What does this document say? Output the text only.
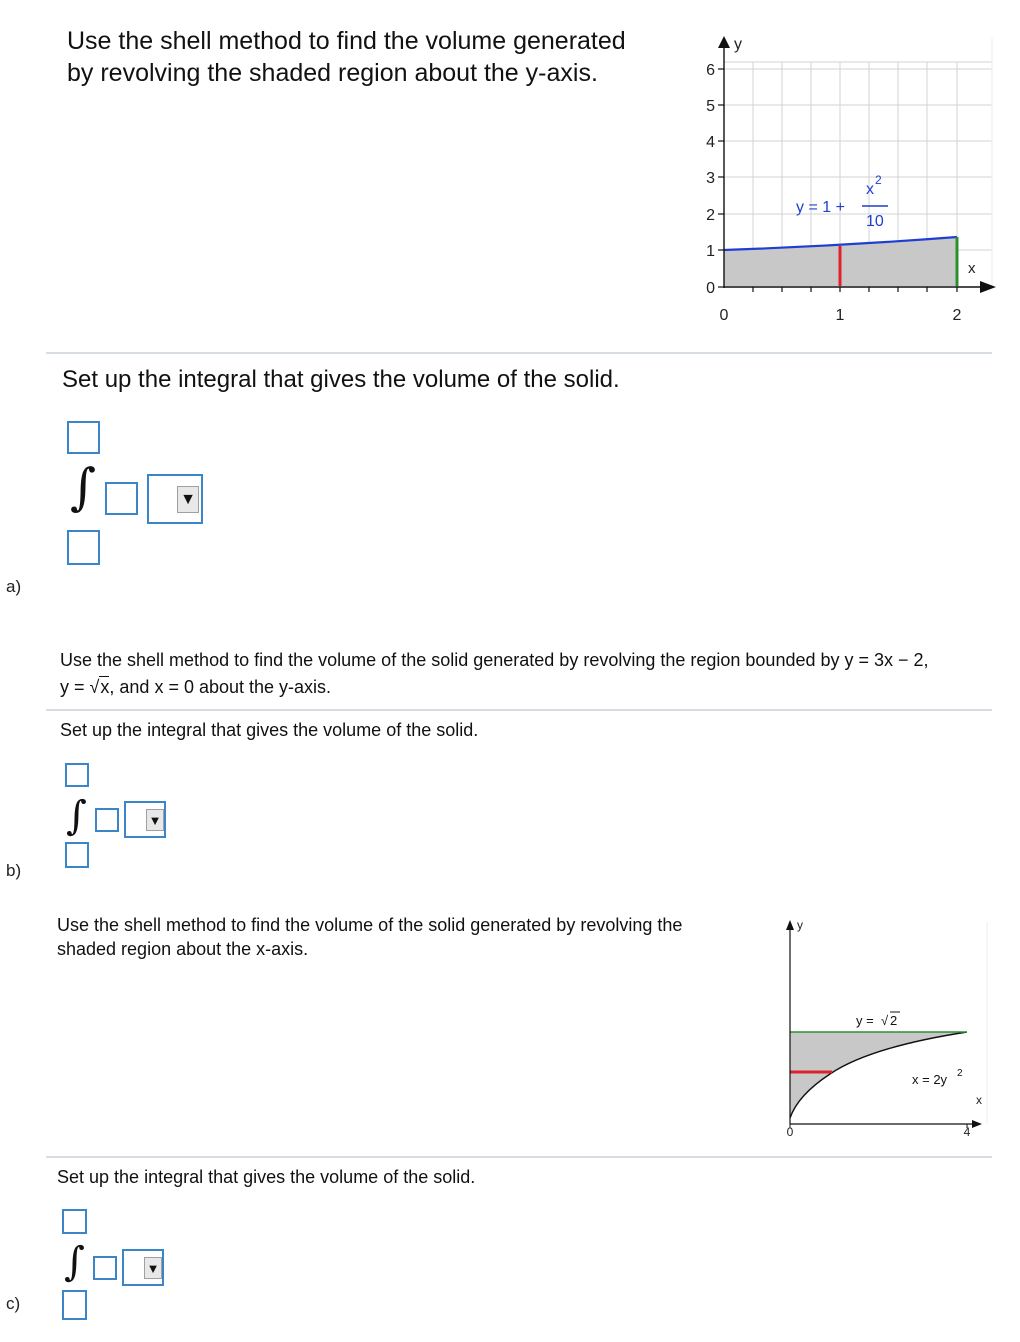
Use the shell method to find the volume generated
by revolving the shaded region about the y-axis.
0
1
2
3
4
5
6
0	1	2
y
x
y = 1 +
x
2
10
Set up the integral that gives the volume of the solid.
∫	▼
a)
Use the shell method to find the volume of the solid generated by revolving the region bounded by y = 3x − 2,
y = √x, and x = 0 about the y-axis.
Set up the integral that gives the volume of the solid.
∫	▼
b)
Use the shell method to find the volume of the solid generated by revolving the
shaded region about the x-axis.
y
x
0	4
y = √ 2
x = 2y 2
Set up the integral that gives the volume of the solid.
∫	▼
c)
